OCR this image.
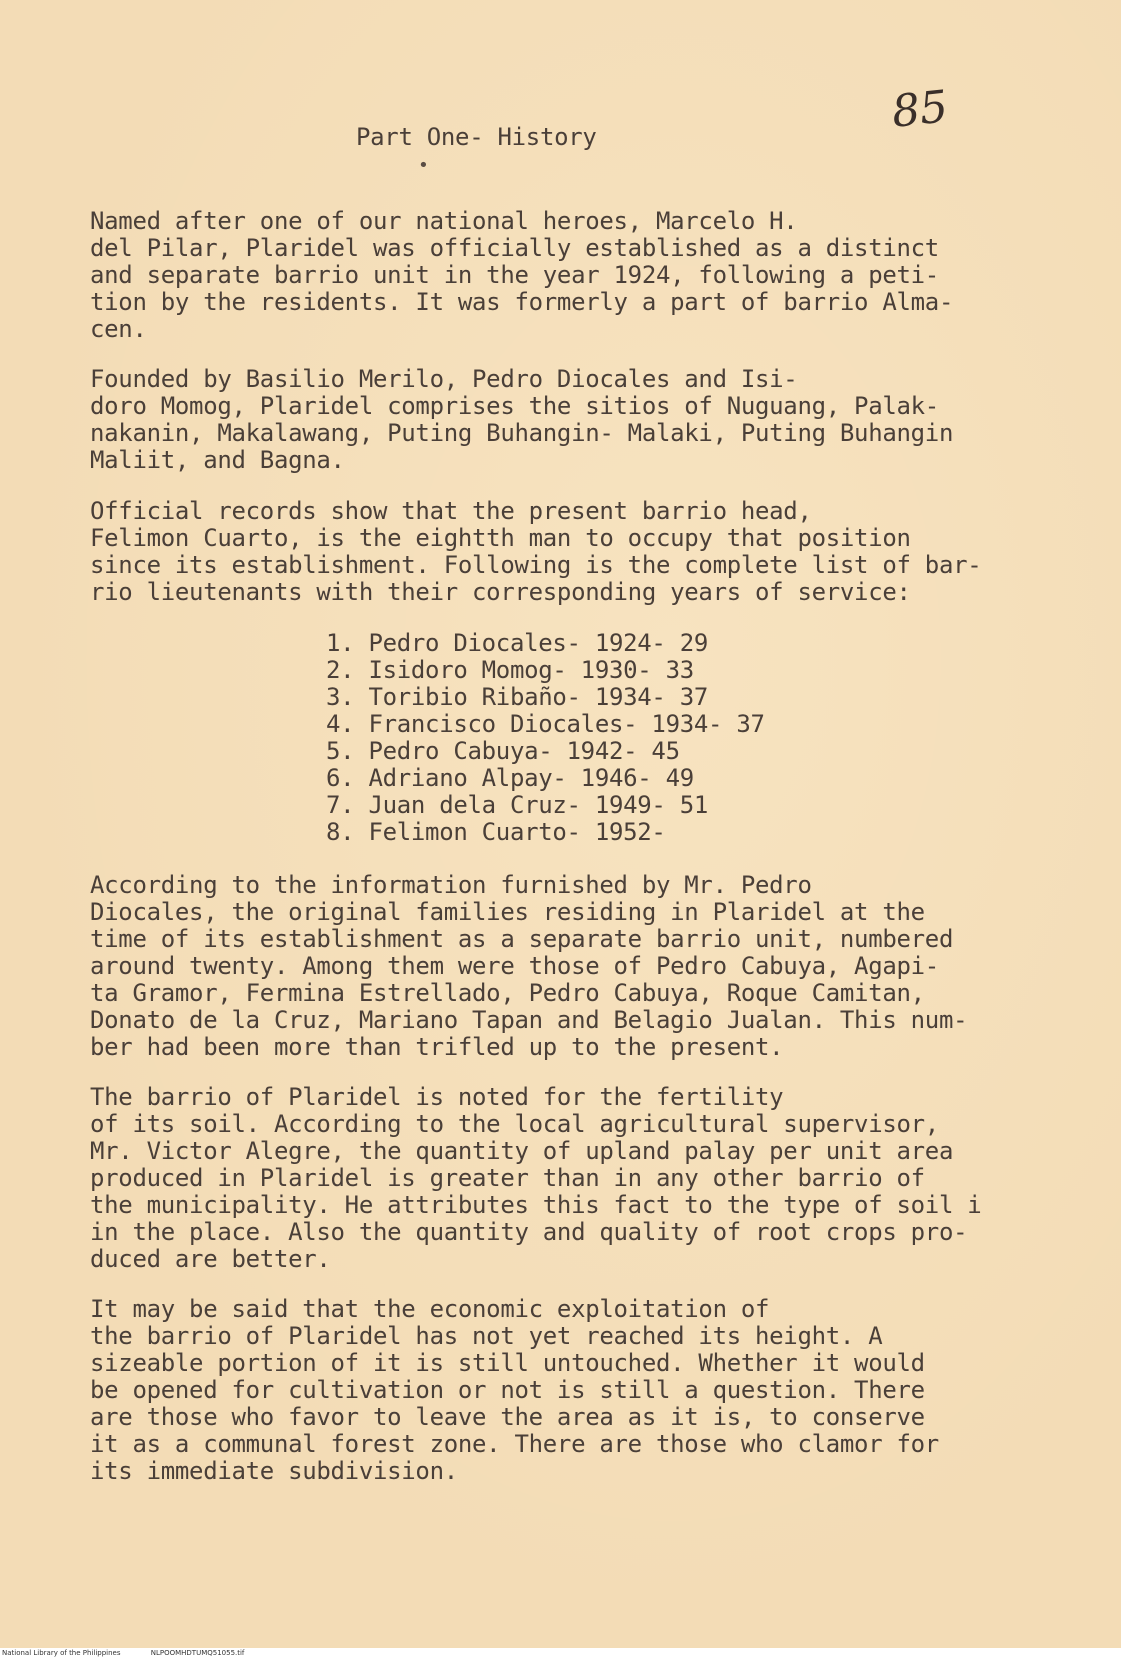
Part One- History
•
85

Named after one of our national heroes, Marcelo H.
del Pilar, Plaridel was officially established as a distinct
and separate barrio unit in the year 1924, following a peti-
tion by the residents. It was formerly a part of barrio Alma-
cen.

Founded by Basilio Merilo, Pedro Diocales and Isi-
doro Momog, Plaridel comprises the sitios of Nuguang, Palak-
nakanin, Makalawang, Puting Buhangin- Malaki, Puting Buhangin
Maliit, and Bagna.

Official records show that the present barrio head,
Felimon Cuarto, is the eightth man to occupy that position
since its establishment. Following is the complete list of bar-
rio lieutenants with their corresponding years of service:

1. Pedro Diocales- 1924- 29
2. Isidoro Momog- 1930- 33
3. Toribio Ribaño- 1934- 37
4. Francisco Diocales- 1934- 37
5. Pedro Cabuya- 1942- 45
6. Adriano Alpay- 1946- 49
7. Juan dela Cruz- 1949- 51
8. Felimon Cuarto- 1952-

According to the information furnished by Mr. Pedro
Diocales, the original families residing in Plaridel at the
time of its establishment as a separate barrio unit, numbered
around twenty. Among them were those of Pedro Cabuya, Agapi-
ta Gramor, Fermina Estrellado, Pedro Cabuya, Roque Camitan,
Donato de la Cruz, Mariano Tapan and Belagio Jualan. This num-
ber had been more than trifled up to the present.

The barrio of Plaridel is noted for the fertility
of its soil. According to the local agricultural supervisor,
Mr. Victor Alegre, the quantity of upland palay per unit area
produced in Plaridel is greater than in any other barrio of
the municipality. He attributes this fact to the type of soil i
in the place. Also the quantity and quality of root crops pro-
duced are better.

It may be said that the economic exploitation of
the barrio of Plaridel has not yet reached its height. A
sizeable portion of it is still untouched. Whether it would
be opened for cultivation or not is still a question. There
are those who favor to leave the area as it is, to conserve
it as a communal forest zone. There are those who clamor for
its immediate subdivision.

National Library of the Philippines	NLPOOMHDTUMQ51055.tif
